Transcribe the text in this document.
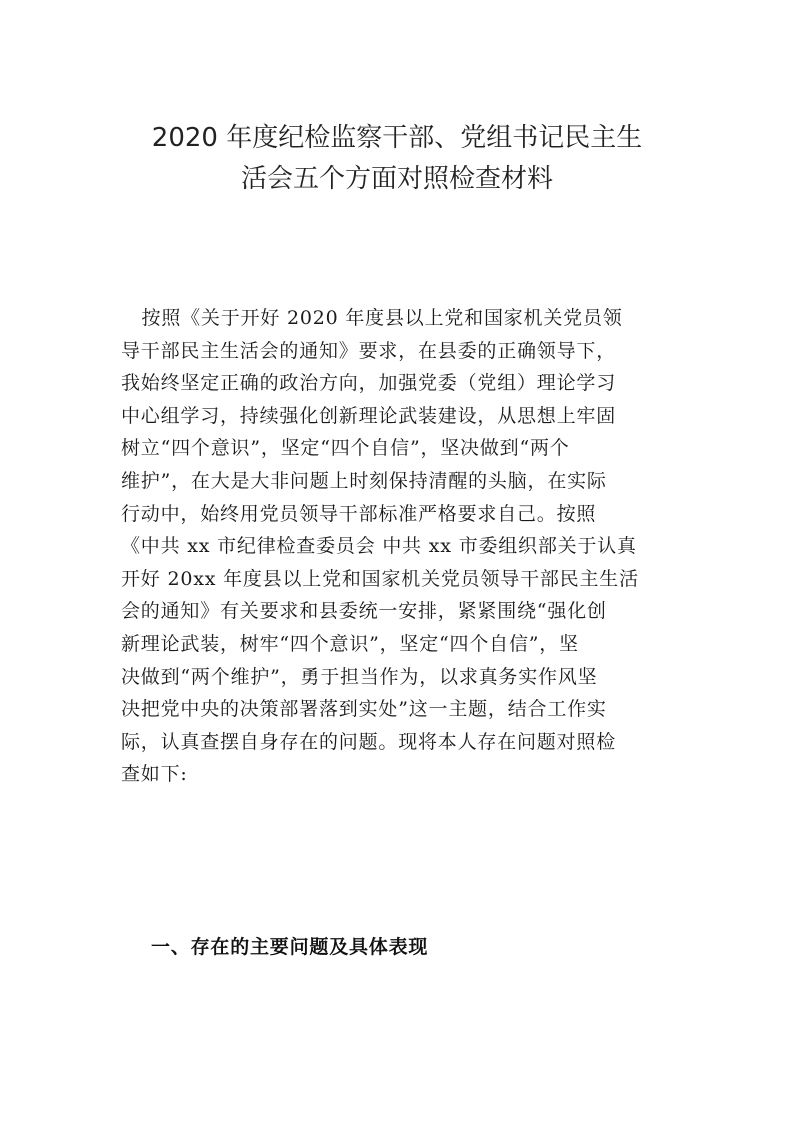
2020 年度纪检监察干部、党组书记民主生
活会五个方面对照检查材料

按照《关于开好 2020 年度县以上党和国家机关党员领
导干部民主生活会的通知》要求，在县委的正确领导下，
我始终坚定正确的政治方向，加强党委（党组）理论学习
中心组学习，持续强化创新理论武装建设，从思想上牢固
树立“四个意识”，坚定“四个自信”，坚决做到“两个
维护”，在大是大非问题上时刻保持清醒的头脑，在实际
行动中，始终用党员领导干部标准严格要求自己。按照
《中共 xx 市纪律检查委员会 中共 xx 市委组织部关于认真
开好 20xx 年度县以上党和国家机关党员领导干部民主生活
会的通知》有关要求和县委统一安排，紧紧围绕“强化创
新理论武装，树牢“四个意识”，坚定“四个自信”，坚
决做到“两个维护”，勇于担当作为，以求真务实作风坚
决把党中央的决策部署落到实处”这一主题，结合工作实
际，认真查摆自身存在的问题。现将本人存在问题对照检
查如下:

一、存在的主要问题及具体表现
